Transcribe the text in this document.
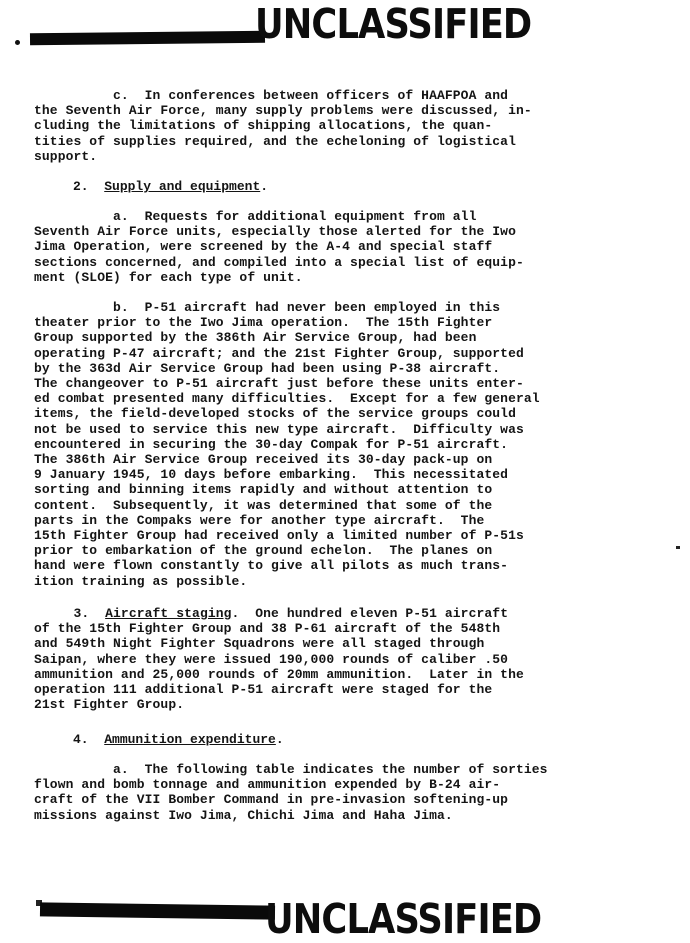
UNCLASSIFIED
c.  In conferences between officers of HAAFPOA and
the Seventh Air Force, many supply problems were discussed, in-
cluding the limitations of shipping allocations, the quan-
tities of supplies required, and the echeloning of logistical
support.
2.  Supply and equipment.
a.  Requests for additional equipment from all
Seventh Air Force units, especially those alerted for the Iwo
Jima Operation, were screened by the A-4 and special staff
sections concerned, and compiled into a special list of equip-
ment (SLOE) for each type of unit.
b.  P-51 aircraft had never been employed in this
theater prior to the Iwo Jima operation.  The 15th Fighter
Group supported by the 386th Air Service Group, had been
operating P-47 aircraft; and the 21st Fighter Group, supported
by the 363d Air Service Group had been using P-38 aircraft.
The changeover to P-51 aircraft just before these units enter-
ed combat presented many difficulties.  Except for a few general
items, the field-developed stocks of the service groups could
not be used to service this new type aircraft.  Difficulty was
encountered in securing the 30-day Compak for P-51 aircraft.
The 386th Air Service Group received its 30-day pack-up on
9 January 1945, 10 days before embarking.  This necessitated
sorting and binning items rapidly and without attention to
content.  Subsequently, it was determined that some of the
parts in the Compaks were for another type aircraft.  The
15th Fighter Group had received only a limited number of P-51s
prior to embarkation of the ground echelon.  The planes on
hand were flown constantly to give all pilots as much trans-
ition training as possible.
3.  Aircraft staging.  One hundred eleven P-51 aircraft
of the 15th Fighter Group and 38 P-61 aircraft of the 548th
and 549th Night Fighter Squadrons were all staged through
Saipan, where they were issued 190,000 rounds of caliber .50
ammunition and 25,000 rounds of 20mm ammunition.  Later in the
operation 111 additional P-51 aircraft were staged for the
21st Fighter Group.
4.  Ammunition expenditure.
a.  The following table indicates the number of sorties
flown and bomb tonnage and ammunition expended by B-24 air-
craft of the VII Bomber Command in pre-invasion softening-up
missions against Iwo Jima, Chichi Jima and Haha Jima.
UNCLASSIFIED
